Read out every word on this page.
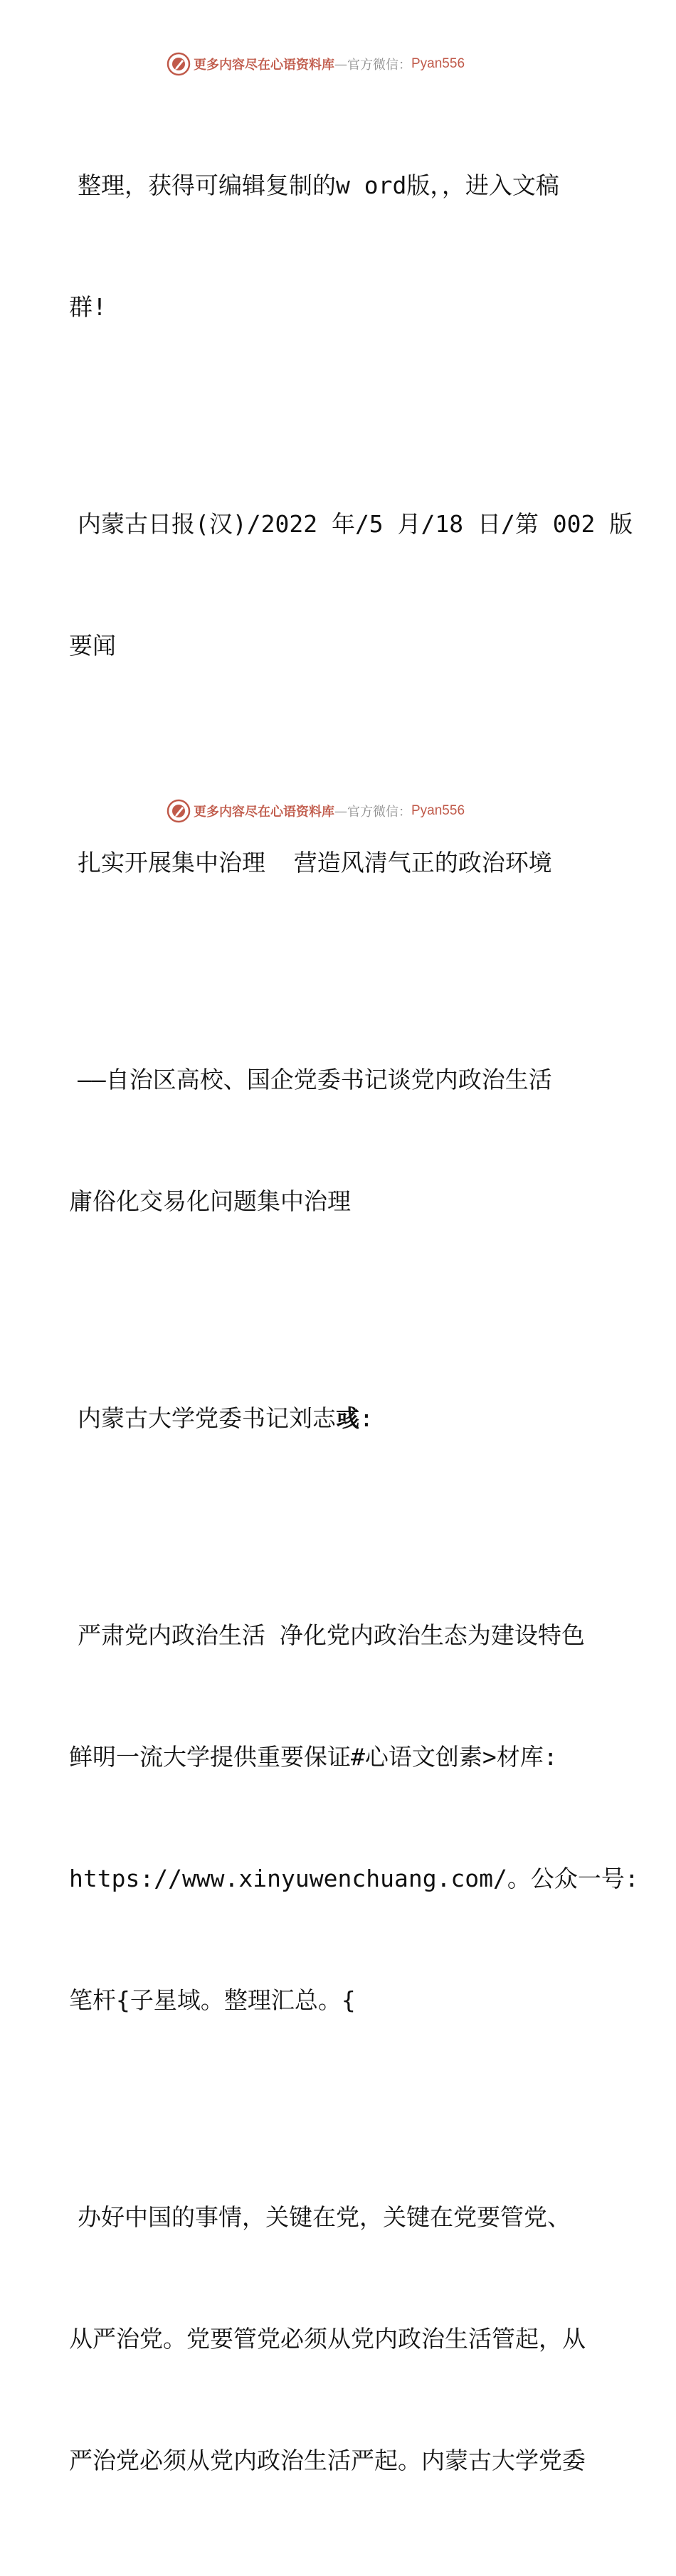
更多内容尽在心语资料库 — 官方微信 ： Pyan556

整理，获得可编辑复制的w ord版，，进入文稿

群!

内蒙古日报(汉)/2022 年/5 月/18 日/第 002 版

要闻

扎实开展集中治理  营造风清气正的政治环境

——自治区高校、国企党委书记谈党内政治生活

庸俗化交易化问题集中治理

内蒙古大学党委书记刘志彧:

严肃党内政治生活 净化党内政治生态为建设特色

鲜明一流大学提供重要保证#心语文创素>材库:

https://www.xinyuwenchuang.com/。公众一号:

笔杆{子星域。整理汇总。{

办好中国的事情，关键在党，关键在党要管党、

从严治党。党要管党必须从党内政治生活管起，从

严治党必须从党内政治生活严起。内蒙古大学党委

更多内容尽在心语资料库 — 官方微信 ： Pyan556
